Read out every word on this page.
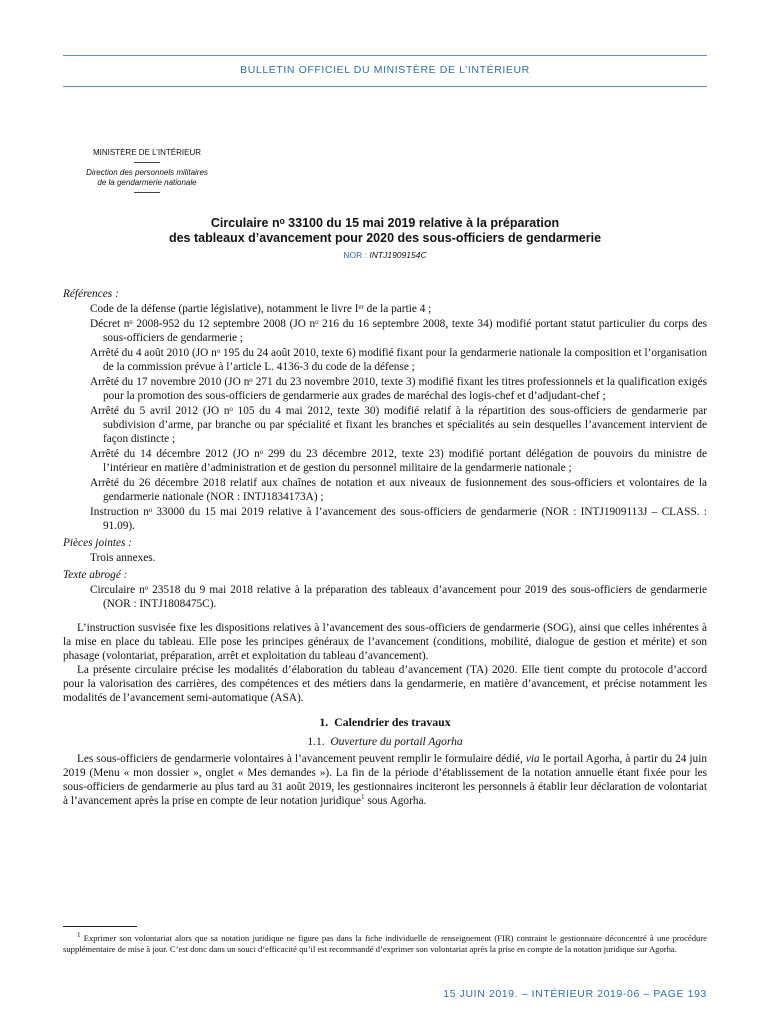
BULLETIN OFFICIEL DU MINISTÈRE DE L’INTÉRIEUR
MINISTÈRE DE L’INTÉRIEUR
Direction des personnels militaires
de la gendarmerie nationale
Circulaire nᵒ 33100 du 15 mai 2019 relative à la préparation
des tableaux d’avancement pour 2020 des sous-officiers de gendarmerie
NOR : INTJ1909154C
Références :
Code de la défense (partie législative), notamment le livre Iᵉʳ de la partie 4 ;
Décret nᵒ 2008-952 du 12 septembre 2008 (JO nᵒ 216 du 16 septembre 2008, texte 34) modifié portant statut particulier du corps des sous-officiers de gendarmerie ;
Arrêté du 4 août 2010 (JO nᵒ 195 du 24 août 2010, texte 6) modifié fixant pour la gendarmerie nationale la composition et l’organisation de la commission prévue à l’article L. 4136-3 du code de la défense ;
Arrêté du 17 novembre 2010 (JO nᵒ 271 du 23 novembre 2010, texte 3) modifié fixant les titres professionnels et la qualification exigés pour la promotion des sous-officiers de gendarmerie aux grades de maréchal des logis-chef et d’adjudant-chef ;
Arrêté du 5 avril 2012 (JO nᵒ 105 du 4 mai 2012, texte 30) modifié relatif à la répartition des sous-officiers de gendarmerie par subdivision d’arme, par branche ou par spécialité et fixant les branches et spécialités au sein desquelles l’avancement intervient de façon distincte ;
Arrêté du 14 décembre 2012 (JO nᵒ 299 du 23 décembre 2012, texte 23) modifié portant délégation de pouvoirs du ministre de l’intérieur en matière d’administration et de gestion du personnel militaire de la gendarmerie nationale ;
Arrêté du 26 décembre 2018 relatif aux chaînes de notation et aux niveaux de fusionnement des sous-officiers et volontaires de la gendarmerie nationale (NOR : INTJ1834173A) ;
Instruction nᵒ 33000 du 15 mai 2019 relative à l’avancement des sous-officiers de gendarmerie (NOR : INTJ1909113J – CLASS. : 91.09).
Pièces jointes :
Trois annexes.
Texte abrogé :
Circulaire nᵒ 23518 du 9 mai 2018 relative à la préparation des tableaux d’avancement pour 2019 des sous-officiers de gendarmerie (NOR : INTJ1808475C).
L’instruction susvisée fixe les dispositions relatives à l’avancement des sous-officiers de gendarmerie (SOG), ainsi que celles inhérentes à la mise en place du tableau. Elle pose les principes généraux de l’avancement (conditions, mobilité, dialogue de gestion et mérite) et son phasage (volontariat, préparation, arrêt et exploitation du tableau d’avancement).
La présente circulaire précise les modalités d’élaboration du tableau d’avancement (TA) 2020. Elle tient compte du protocole d’accord pour la valorisation des carrières, des compétences et des métiers dans la gendarmerie, en matière d’avancement, et précise notamment les modalités de l’avancement semi-automatique (ASA).
1. Calendrier des travaux
1.1. Ouverture du portail Agorha
Les sous-officiers de gendarmerie volontaires à l’avancement peuvent remplir le formulaire dédié, via le portail Agorha, à partir du 24 juin 2019 (Menu « mon dossier », onglet « Mes demandes »). La fin de la période d’établissement de la notation annuelle étant fixée pour les sous-officiers de gendarmerie au plus tard au 31 août 2019, les gestionnaires inciteront les personnels à établir leur déclaration de volontariat à l’avancement après la prise en compte de leur notation juridique$^1$ sous Agorha.
$^1$ Exprimer son volontariat alors que sa notation juridique ne figure pas dans la fiche individuelle de renseignement (FIR) contraint le gestionnaire déconcentré à une procédure supplémentaire de mise à jour. C’est donc dans un souci d’efficacité qu’il est recommandé d’exprimer son volontariat après la prise en compte de la notation juridique sur Agorha.
15 JUIN 2019. – INTÉRIEUR 2019-06 – PAGE 193
